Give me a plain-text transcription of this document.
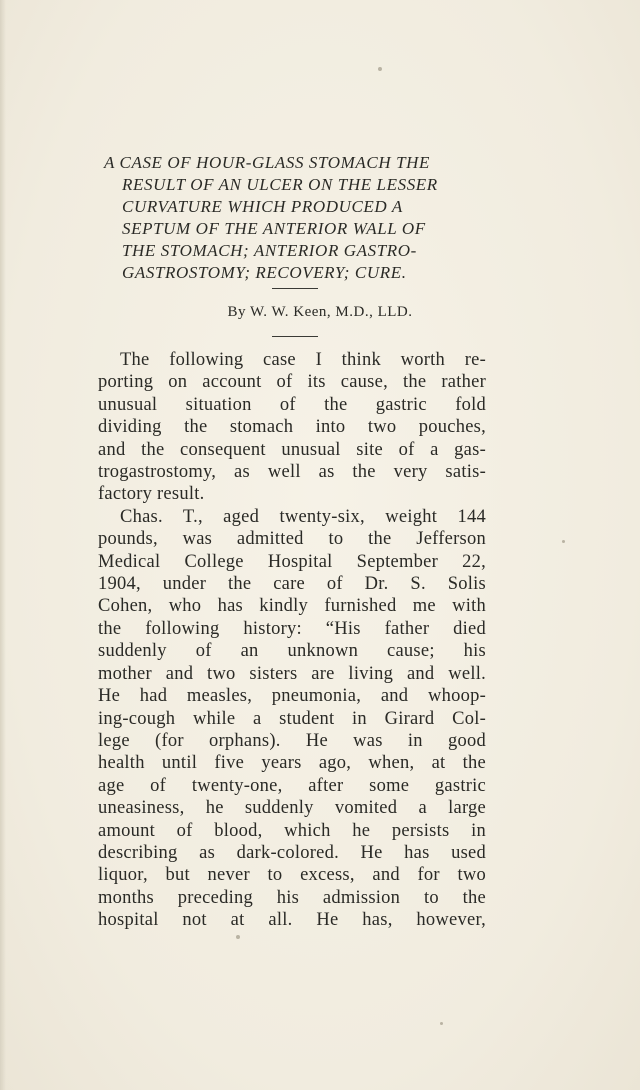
A CASE OF HOUR-GLASS STOMACH THE
RESULT OF AN ULCER ON THE LESSER
CURVATURE WHICH PRODUCED A
SEPTUM OF THE ANTERIOR WALL OF
THE STOMACH; ANTERIOR GASTRO-
GASTROSTOMY; RECOVERY; CURE.

By W. W. Keen, M.D., LLD.

The following case I think worth re-
porting on account of its cause, the rather
unusual situation of the gastric fold
dividing the stomach into two pouches,
and the consequent unusual site of a gas-
trogastrostomy, as well as the very satis-
factory result.
Chas. T., aged twenty-six, weight 144
pounds, was admitted to the Jefferson
Medical College Hospital September 22,
1904, under the care of Dr. S. Solis
Cohen, who has kindly furnished me with
the following history: “His father died
suddenly of an unknown cause; his
mother and two sisters are living and well.
He had measles, pneumonia, and whoop-
ing-cough while a student in Girard Col-
lege (for orphans). He was in good
health until five years ago, when, at the
age of twenty-one, after some gastric
uneasiness, he suddenly vomited a large
amount of blood, which he persists in
describing as dark-colored. He has used
liquor, but never to excess, and for two
months preceding his admission to the
hospital not at all. He has, however,
